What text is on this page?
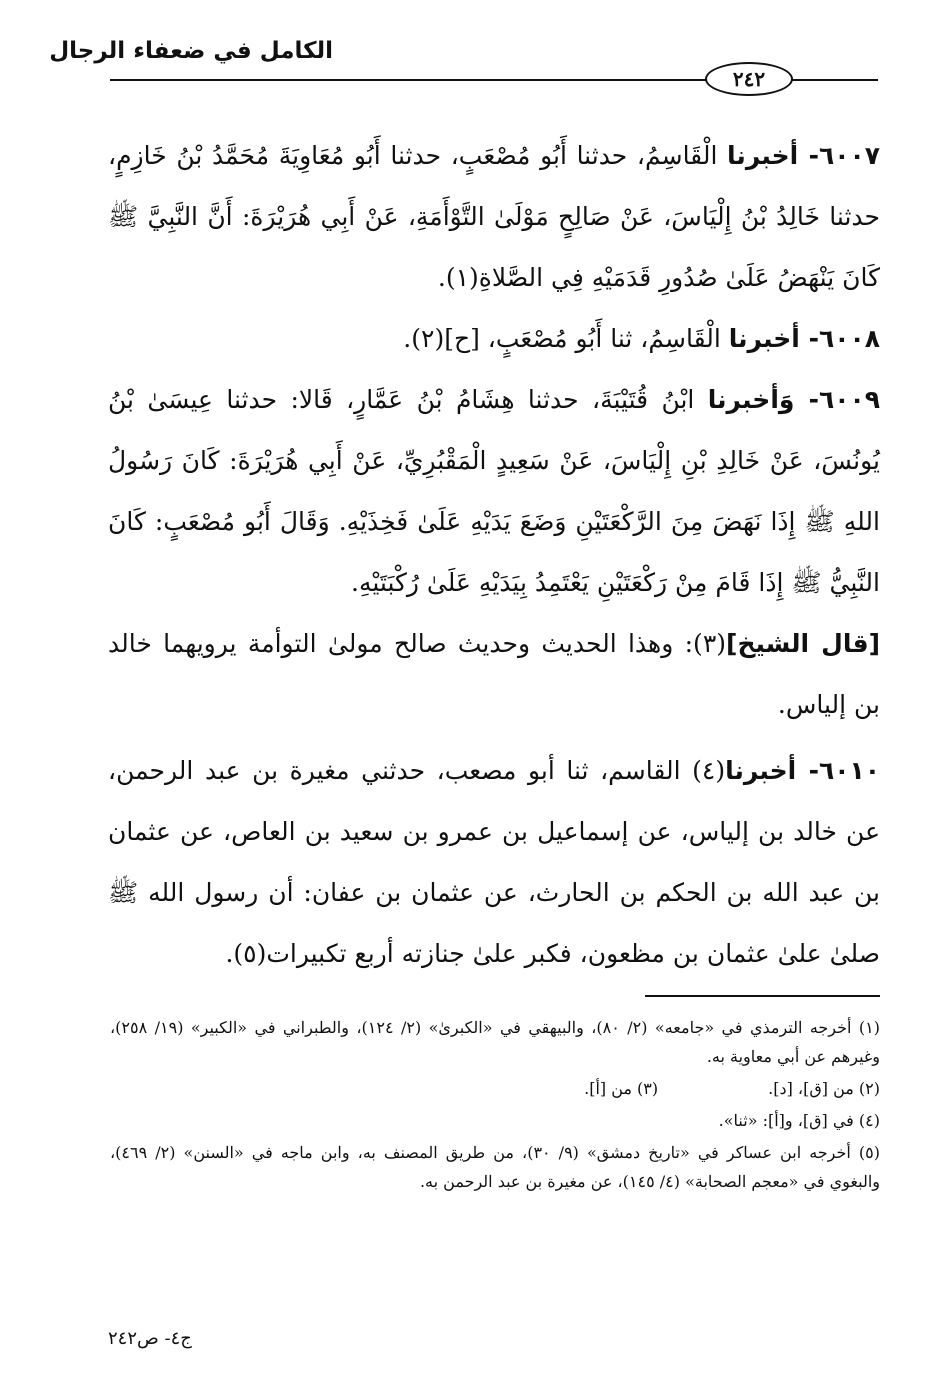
الكامل في ضعفاء الرجال
٢٤٢

٦٠٠٧- أخبرنا الْقَاسِمُ، حدثنا أَبُو مُصْعَبٍ، حدثنا أَبُو مُعَاوِيَةَ مُحَمَّدُ بْنُ خَازِمٍ، حدثنا خَالِدُ بْنُ إِلْيَاسَ، عَنْ صَالِحٍ مَوْلَىٰ التَّوْأَمَةِ، عَنْ أَبِي هُرَيْرَةَ: أَنَّ النَّبِيَّ ﷺ كَانَ يَنْهَضُ عَلَىٰ صُدُورِ قَدَمَيْهِ فِي الصَّلاةِ(١).

٦٠٠٨- أخبرنا الْقَاسِمُ، ثنا أَبُو مُصْعَبٍ، [ح](٢).

٦٠٠٩- وَأخبرنا ابْنُ قُتَيْبَةَ، حدثنا هِشَامُ بْنُ عَمَّارٍ، قَالا: حدثنا عِيسَىٰ بْنُ يُونُسَ، عَنْ خَالِدِ بْنِ إِلْيَاسَ، عَنْ سَعِيدٍ الْمَقْبُرِيِّ، عَنْ أَبِي هُرَيْرَةَ: كَانَ رَسُولُ اللهِ ﷺ إِذَا نَهَضَ مِنَ الرَّكْعَتَيْنِ وَضَعَ يَدَيْهِ عَلَىٰ فَخِذَيْهِ. وَقَالَ أَبُو مُصْعَبٍ: كَانَ النَّبِيُّ ﷺ إِذَا قَامَ مِنْ رَكْعَتَيْنِ يَعْتَمِدُ بِيَدَيْهِ عَلَىٰ رُكْبَتَيْهِ.

[قال الشيخ](٣): وهذا الحديث وحديث صالح مولىٰ التوأمة يرويهما خالد بن إلياس.

٦٠١٠- أخبرنا(٤) القاسم، ثنا أبو مصعب، حدثني مغيرة بن عبد الرحمن، عن خالد بن إلياس، عن إسماعيل بن عمرو بن سعيد بن العاص، عن عثمان بن عبد الله بن الحكم بن الحارث، عن عثمان بن عفان: أن رسول الله ﷺ صلىٰ علىٰ عثمان بن مظعون، فكبر علىٰ جنازته أربع تكبيرات(٥).

(١) أخرجه الترمذي في «جامعه» (٢/ ٨٠)، والبيهقي في «الكبرىٰ» (٢/ ١٢٤)، والطبراني في «الكبير» (١٩/ ٢٥٨)، وغيرهم عن أبي معاوية به.

(٢) من [ق]، [د].(٣) من [أ].

(٤) في [ق]، و[أ]: «ثنا».

(٥) أخرجه ابن عساكر في «تاريخ دمشق» (٩/ ٣٠)، من طريق المصنف به، وابن ماجه في «السنن» (٢/ ٤٦٩)، والبغوي في «معجم الصحابة» (٤/ ١٤٥)، عن مغيرة بن عبد الرحمن به.

ج٤- ص٢٤٢
